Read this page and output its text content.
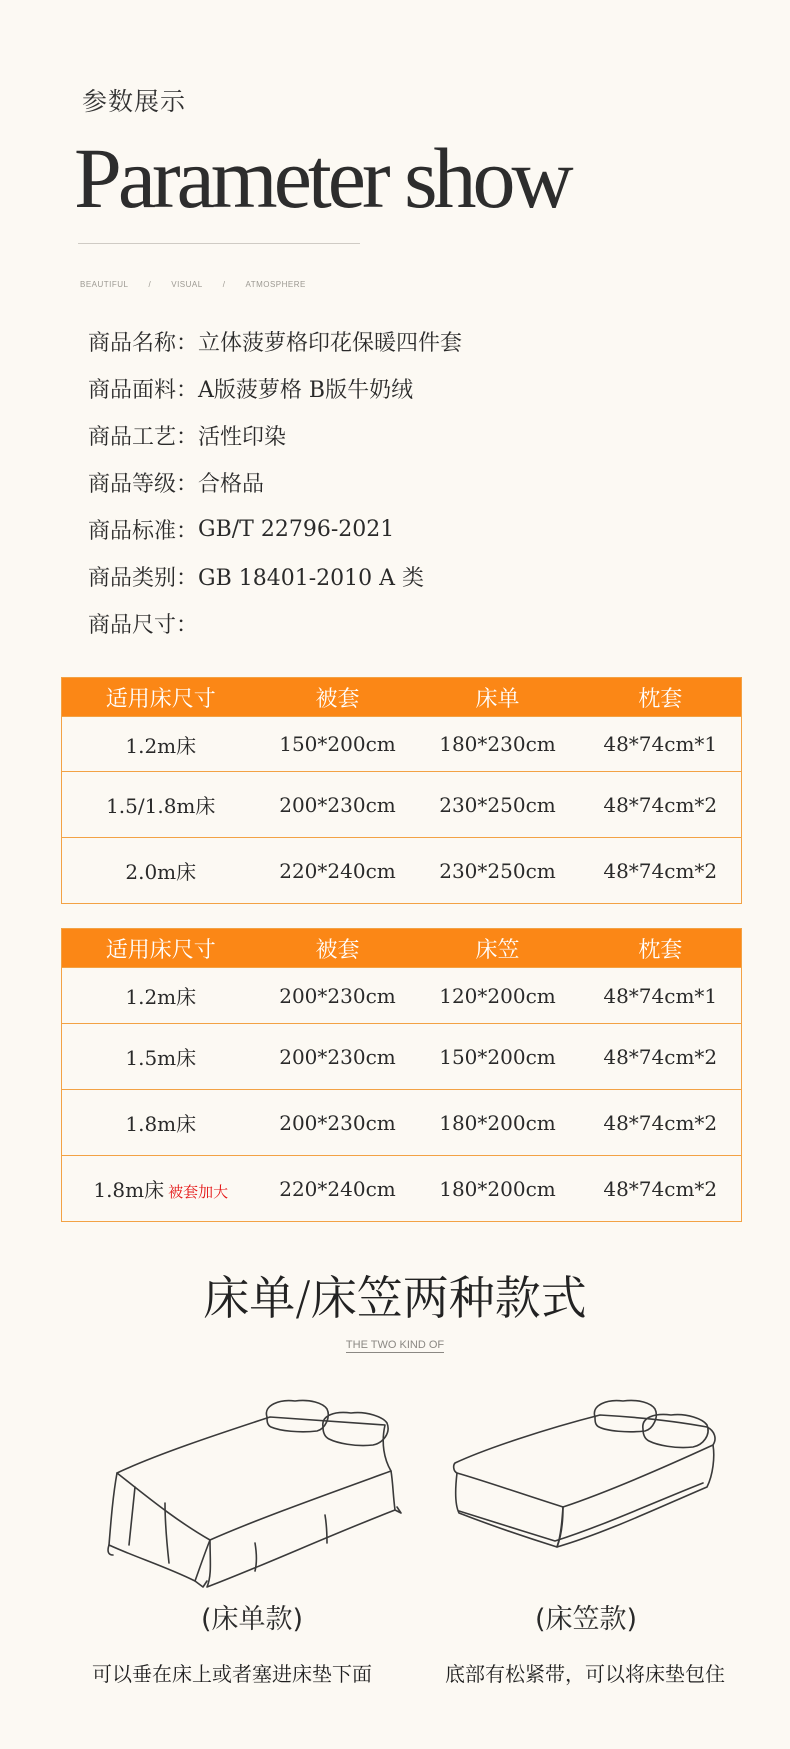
参数展示
Parameter show
BEAUTIFUL	/	VISUAL	/	ATMOSPHERE
商品名称： 立体菠萝格印花保暖四件套
商品面料： A版菠萝格 B版牛奶绒
商品工艺： 活性印染
商品等级： 合格品
商品标准： GB/T 22796-2021
商品类别： GB 18401-2010 A 类
商品尺寸：
适用床尺寸	被套	床单	枕套
1.2m床	150*200cm	180*230cm	48*74cm*1
1.5/1.8m床	200*230cm	230*250cm	48*74cm*2
2.0m床	220*240cm	230*250cm	48*74cm*2
适用床尺寸	被套	床笠	枕套
1.2m床	200*230cm	120*200cm	48*74cm*1
1.5m床	200*230cm	150*200cm	48*74cm*2
1.8m床	200*230cm	180*200cm	48*74cm*2
1.8m床 被套加大	220*240cm	180*200cm	48*74cm*2
床单/床笠两种款式
THE TWO KIND OF
(床单款)	(床笠款)
可以垂在床上或者塞进床垫下面	底部有松紧带，可以将床垫包住
